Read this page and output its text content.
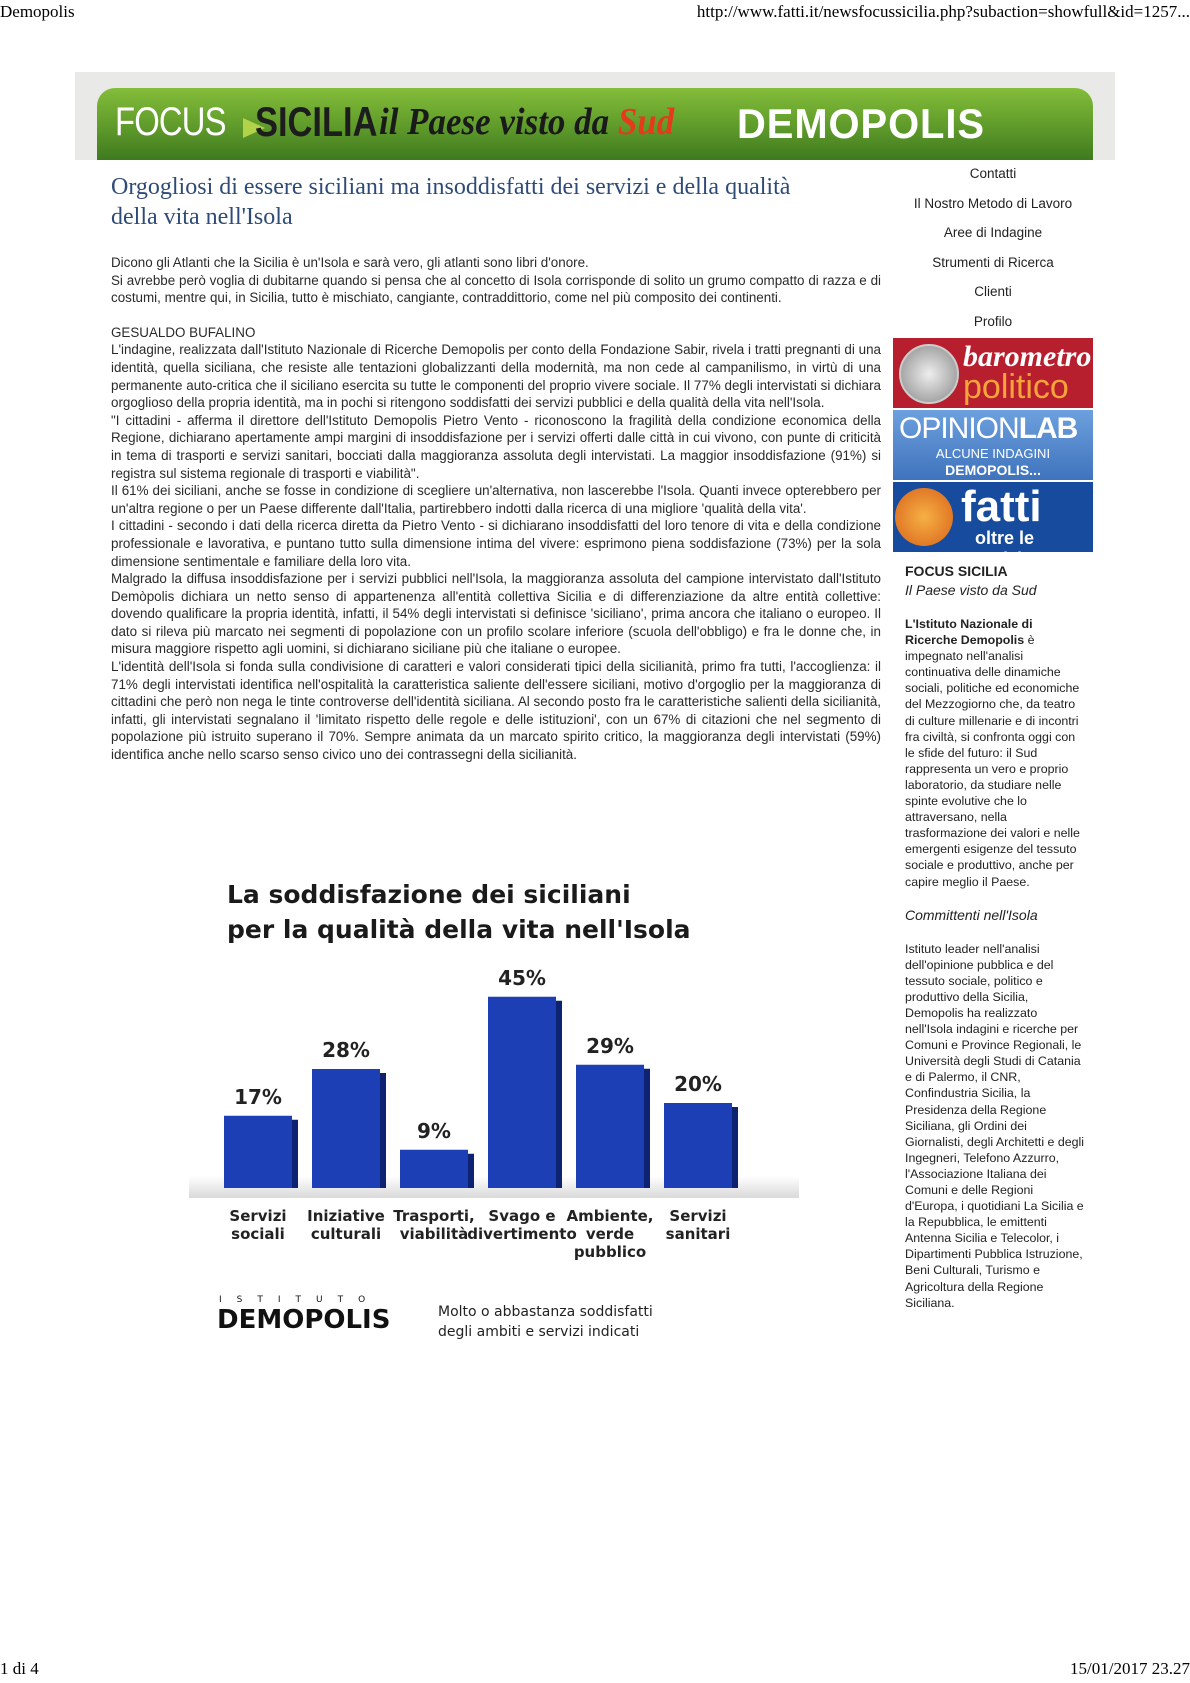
Demopolis	http://www.fatti.it/newsfocussicilia.php?subaction=showfull&id=1257...
FOCUS SICILIA il Paese visto da Sud DEMOPOLIS
Orgogliosi di essere siciliani ma insoddisfatti dei servizi e della qualità della vita nell'Isola

Dicono gli Atlanti che la Sicilia è un'Isola e sarà vero, gli atlanti sono libri d'onore.

Si avrebbe però voglia di dubitarne quando si pensa che al concetto di Isola corrisponde di solito un grumo compatto di razza e di costumi, mentre qui, in Sicilia, tutto è mischiato, cangiante, contraddittorio, come nel più composito dei continenti.

GESUALDO BUFALINO

L'indagine, realizzata dall'Istituto Nazionale di Ricerche Demopolis per conto della Fondazione Sabir, rivela i tratti pregnanti di una identità, quella siciliana, che resiste alle tentazioni globalizzanti della modernità, ma non cede al campanilismo, in virtù di una permanente auto-critica che il siciliano esercita su tutte le componenti del proprio vivere sociale. Il 77% degli intervistati si dichiara orgoglioso della propria identità, ma in pochi si ritengono soddisfatti dei servizi pubblici e della qualità della vita nell'Isola.

"I cittadini - afferma il direttore dell'Istituto Demopolis Pietro Vento - riconoscono la fragilità della condizione economica della Regione, dichiarano apertamente ampi margini di insoddisfazione per i servizi offerti dalle città in cui vivono, con punte di criticità in tema di trasporti e servizi sanitari, bocciati dalla maggioranza assoluta degli intervistati. La maggior insoddisfazione (91%) si registra sul sistema regionale di trasporti e viabilità".

Il 61% dei siciliani, anche se fosse in condizione di scegliere un'alternativa, non lascerebbe l'Isola. Quanti invece opterebbero per un'altra regione o per un Paese differente dall'Italia, partirebbero indotti dalla ricerca di una migliore 'qualità della vita'.

I cittadini - secondo i dati della ricerca diretta da Pietro Vento - si dichiarano insoddisfatti del loro tenore di vita e della condizione professionale e lavorativa, e puntano tutto sulla dimensione intima del vivere: esprimono piena soddisfazione (73%) per la sola dimensione sentimentale e familiare della loro vita.

Malgrado la diffusa insoddisfazione per i servizi pubblici nell'Isola, la maggioranza assoluta del campione intervistato dall'Istituto Demòpolis dichiara un netto senso di appartenenza all'entità collettiva Sicilia e di differenziazione da altre entità collettive: dovendo qualificare la propria identità, infatti, il 54% degli intervistati si definisce 'siciliano', prima ancora che italiano o europeo. Il dato si rileva più marcato nei segmenti di popolazione con un profilo scolare inferiore (scuola dell'obbligo) e fra le donne che, in misura maggiore rispetto agli uomini, si dichiarano siciliane più che italiane o europee.

L'identità dell'Isola si fonda sulla condivisione di caratteri e valori considerati tipici della sicilianità, primo fra tutti, l'accoglienza: il 71% degli intervistati identifica nell'ospitalità la caratteristica saliente dell'essere siciliani, motivo d'orgoglio per la maggioranza di cittadini che però non nega le tinte controverse dell'identità siciliana. Al secondo posto fra le caratteristiche salienti della sicilianità, infatti, gli intervistati segnalano il 'limitato rispetto delle regole e delle istituzioni', con un 67% di citazioni che nel segmento di popolazione più istruito superano il 70%. Sempre animata da un marcato spirito critico, la maggioranza degli intervistati (59%) identifica anche nello scarso senso civico uno dei contrassegni della sicilianità.

Contatti
Il Nostro Metodo di Lavoro
Aree di Indagine
Strumenti di Ricerca
Clienti
Profilo
barometro
politico
OPINIONLAB
ALCUNE INDAGINI
DEMOPOLIS...
fatti
oltre le notizie

FOCUS SICILIA

Il Paese visto da Sud

L'Istituto Nazionale di Ricerche Demopolis è impegnato nell'analisi continuativa delle dinamiche sociali, politiche ed economiche del Mezzogiorno che, da teatro di culture millenarie e di incontri fra civiltà, si confronta oggi con le sfide del futuro: il Sud rappresenta un vero e proprio laboratorio, da studiare nelle spinte evolutive che lo attraversano, nella trasformazione dei valori e nelle emergenti esigenze del tessuto sociale e produttivo, anche per capire meglio il Paese.

Committenti nell'Isola

Istituto leader nell'analisi dell'opinione pubblica e del tessuto sociale, politico e produttivo della Sicilia, Demopolis ha realizzato nell'Isola indagini e ricerche per Comuni e Province Regionali, le Università degli Studi di Catania e di Palermo, il CNR, Confindustria Sicilia, la Presidenza della Regione Siciliana, gli Ordini dei Giornalisti, degli Architetti e degli Ingegneri, Telefono Azzurro, l'Associazione Italiana dei Comuni e delle Regioni d'Europa, i quotidiani La Sicilia e la Repubblica, le emittenti Antenna Sicilia e Telecolor, i Dipartimenti Pubblica Istruzione, Beni Culturali, Turismo e Agricoltura della Regione Siciliana.

La soddisfazione dei siciliani
per la qualità della vita nell'Isola
17%
Servizi
sociali
28%
Iniziative
culturali
9%
Trasporti,
viabilità
45%
Svago e
divertimento
29%
Ambiente,
verde
pubblico
20%
Servizi
sanitari
ISTITUTO
DEMOPOLIS	Molto o abbastanza soddisfatti
degli ambiti e servizi indicati
1 di 4	15/01/2017 23.27
